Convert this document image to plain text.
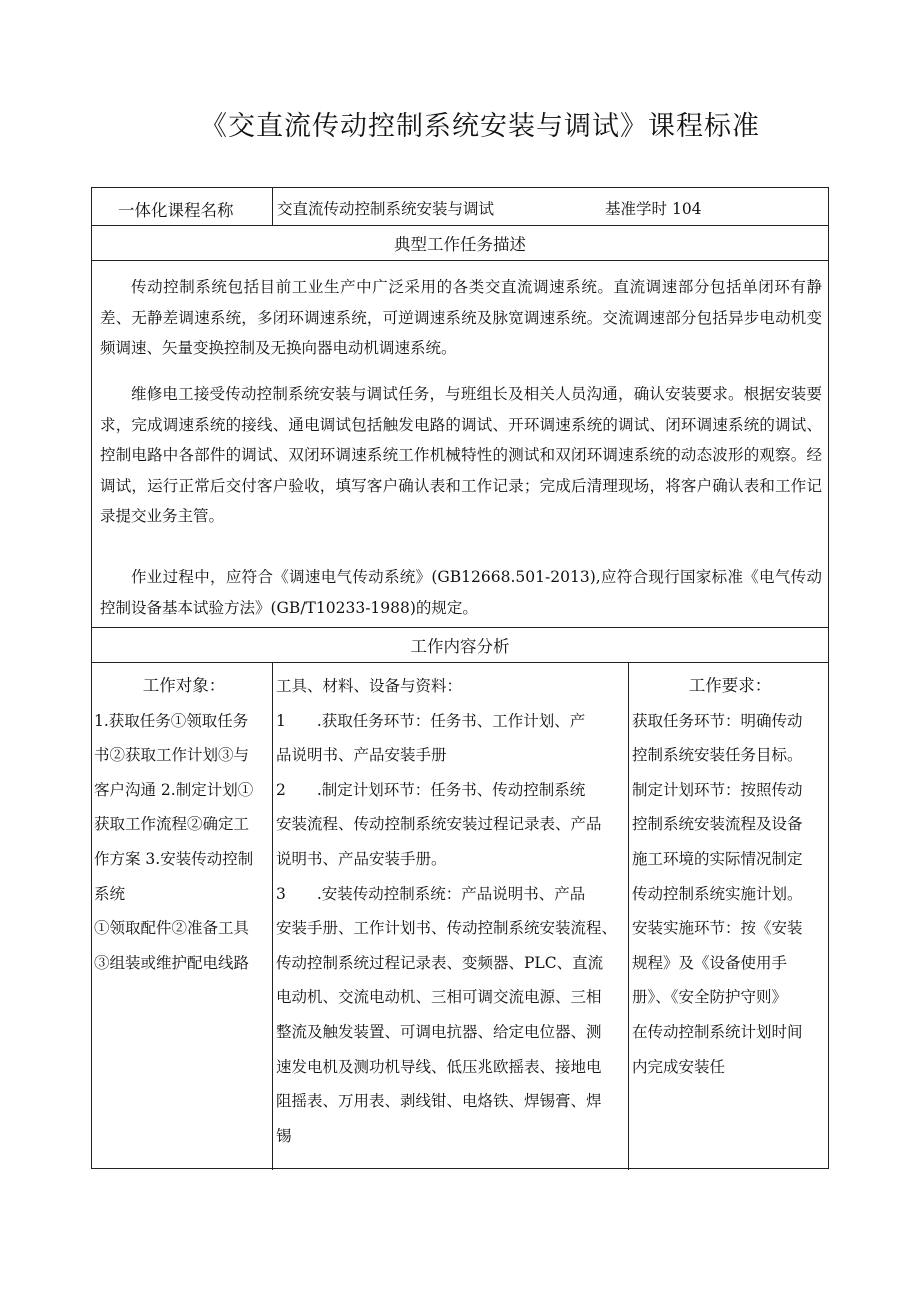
《交直流传动控制系统安装与调试》课程标准
一体化课程名称	交直流传动控制系统安装与调试	基准学时 104
典型工作任务描述

传动控制系统包括目前工业生产中广泛采用的各类交直流调速系统。直流调速部分包括单闭环有静差、无静差调速系统，多闭环调速系统，可逆调速系统及脉宽调速系统。交流调速部分包括异步电动机变频调速、矢量变换控制及无换向器电动机调速系统。

维修电工接受传动控制系统安装与调试任务，与班组长及相关人员沟通，确认安装要求。根据安装要求，完成调速系统的接线、通电调试包括触发电路的调试、开环调速系统的调试、闭环调速系统的调试、控制电路中各部件的调试、双闭环调速系统工作机械特性的测试和双闭环调速系统的动态波形的观察。经调试，运行正常后交付客户验收，填写客户确认表和工作记录；完成后清理现场，将客户确认表和工作记录提交业务主管。

作业过程中，应符合《调速电气传动系统》(GB12668.501-2013),应符合现行国家标准《电气传动控制设备基本试验方法》(GB/T10233-1988)的规定。

工作内容分析

工作对象：

1.获取任务①领取任务

书②获取工作计划③与

客户沟通 2.制定计划①

获取工作流程②确定工

作方案 3.安装传动控制

系统

①领取配件②准备工具

③组装或维护配电线路

工具、材料、设备与资料：

1　　.获取任务环节：任务书、工作计划、产

品说明书、产品安装手册

2　　.制定计划环节：任务书、传动控制系统

安装流程、传动控制系统安装过程记录表、产品

说明书、产品安装手册。

3　　.安装传动控制系统：产品说明书、产品

安装手册、工作计划书、传动控制系统安装流程、

传动控制系统过程记录表、变频器、PLC、直流

电动机、交流电动机、三相可调交流电源、三相

整流及触发装置、可调电抗器、给定电位器、测

速发电机及测功机导线、低压兆欧摇表、接地电

阻摇表、万用表、剥线钳、电烙铁、焊锡膏、焊

锡

工作要求：

获取任务环节：明确传动

控制系统安装任务目标。

制定计划环节：按照传动

控制系统安装流程及设备

施工环境的实际情况制定

传动控制系统实施计划。

安装实施环节：按《安装

规程》及《设备使用手

册》、《安全防护守则》

在传动控制系统计划时间

内完成安装任
